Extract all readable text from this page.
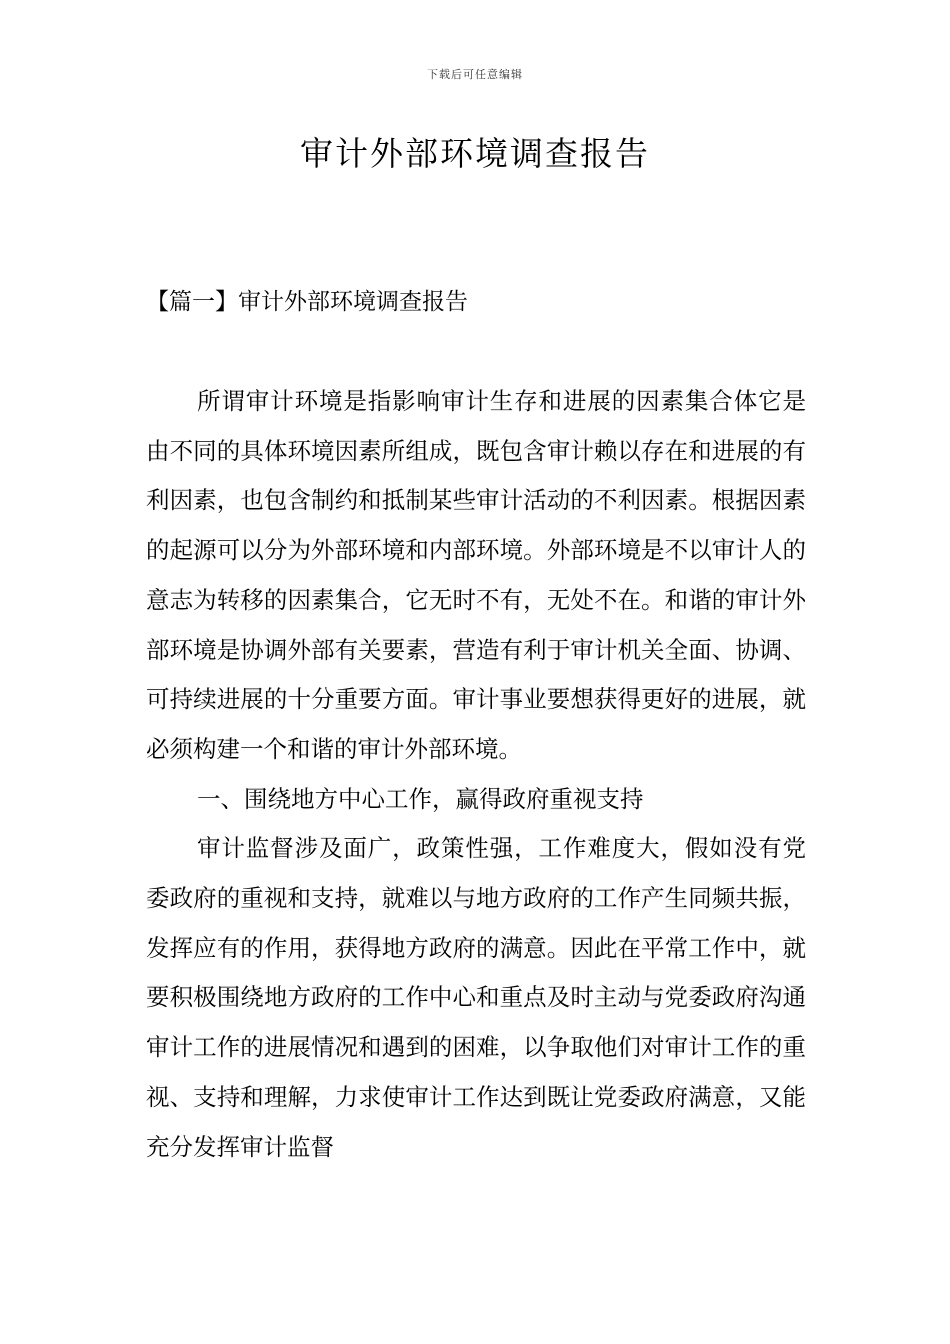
下载后可任意编辑
审计外部环境调查报告
【篇一】审计外部环境调查报告

所谓审计环境是指影响审计生存和进展的因素集合体它是由不同的具体环境因素所组成，既包含审计赖以存在和进展的有利因素，也包含制约和抵制某些审计活动的不利因素。根据因素的起源可以分为外部环境和内部环境。外部环境是不以审计人的意志为转移的因素集合，它无时不有，无处不在。和谐的审计外部环境是协调外部有关要素，营造有利于审计机关全面、协调、可持续进展的十分重要方面。审计事业要想获得更好的进展，就必须构建一个和谐的审计外部环境。

一、围绕地方中心工作，赢得政府重视支持

审计监督涉及面广，政策性强，工作难度大，假如没有党委政府的重视和支持，就难以与地方政府的工作产生同频共振，发挥应有的作用，获得地方政府的满意。因此在平常工作中，就要积极围绕地方政府的工作中心和重点及时主动与党委政府沟通审计工作的进展情况和遇到的困难，以争取他们对审计工作的重视、支持和理解，力求使审计工作达到既让党委政府满意，又能充分发挥审计监督
